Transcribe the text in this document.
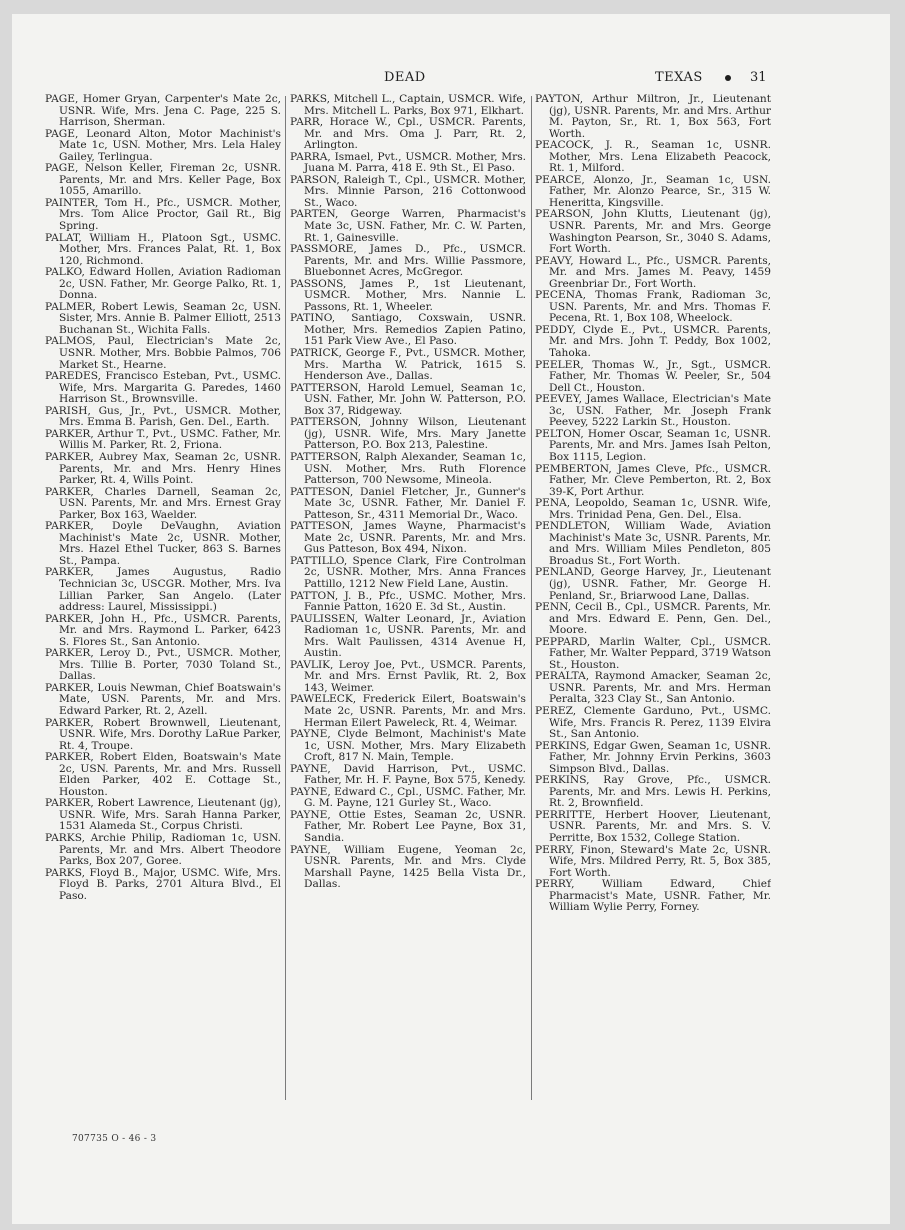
DEAD	TEXAS	31

PAGE, Homer Gryan, Carpenter's Mate 2c, USNR. Wife, Mrs. Jena C. Page, 225 S. Harrison, Sherman.

PAGE, Leonard Alton, Motor Machinist's Mate 1c, USN. Mother, Mrs. Lela Haley Gailey, Terlingua.

PAGE, Nelson Keller, Fireman 2c, USNR. Parents, Mr. and Mrs. Keller Page, Box 1055, Amarillo.

PAINTER, Tom H., Pfc., USMCR. Mother, Mrs. Tom Alice Proctor, Gail Rt., Big Spring.

PALAT, William H., Platoon Sgt., USMC. Mother, Mrs. Frances Palat, Rt. 1, Box 120, Richmond.

PALKO, Edward Hollen, Aviation Radioman 2c, USN. Father, Mr. George Palko, Rt. 1, Donna.

PALMER, Robert Lewis, Seaman 2c, USN. Sister, Mrs. Annie B. Palmer Elliott, 2513 Buchanan St., Wichita Falls.

PALMOS, Paul, Electrician's Mate 2c, USNR. Mother, Mrs. Bobbie Palmos, 706 Market St., Hearne.

PAREDES, Francisco Esteban, Pvt., USMC. Wife, Mrs. Margarita G. Paredes, 1460 Harrison St., Brownsville.

PARISH, Gus, Jr., Pvt., USMCR. Mother, Mrs. Emma B. Parish, Gen. Del., Earth.

PARKER, Arthur T., Pvt., USMC. Father, Mr. Willis M. Parker, Rt. 2, Friona.

PARKER, Aubrey Max, Seaman 2c, USNR. Parents, Mr. and Mrs. Henry Hines Parker, Rt. 4, Wills Point.

PARKER, Charles Darnell, Seaman 2c, USN. Parents, Mr. and Mrs. Ernest Gray Parker, Box 163, Waelder.

PARKER, Doyle DeVaughn, Aviation Machinist's Mate 2c, USNR. Mother, Mrs. Hazel Ethel Tucker, 863 S. Barnes St., Pampa.

PARKER, James Augustus, Radio Technician 3c, USCGR. Mother, Mrs. Iva Lillian Parker, San Angelo. (Later address: Laurel, Mississippi.)

PARKER, John H., Pfc., USMCR. Parents, Mr. and Mrs. Raymond L. Parker, 6423 S. Flores St., San Antonio.

PARKER, Leroy D., Pvt., USMCR. Mother, Mrs. Tillie B. Porter, 7030 Toland St., Dallas.

PARKER, Louis Newman, Chief Boatswain's Mate, USN. Parents, Mr. and Mrs. Edward Parker, Rt. 2, Azell.

PARKER, Robert Brownwell, Lieutenant, USNR. Wife, Mrs. Dorothy LaRue Parker, Rt. 4, Troupe.

PARKER, Robert Elden, Boatswain's Mate 2c, USN. Parents, Mr. and Mrs. Russell Elden Parker, 402 E. Cottage St., Houston.

PARKER, Robert Lawrence, Lieutenant (jg), USNR. Wife, Mrs. Sarah Hanna Parker, 1531 Alameda St., Corpus Christi.

PARKS, Archie Philip, Radioman 1c, USN. Parents, Mr. and Mrs. Albert Theodore Parks, Box 207, Goree.

PARKS, Floyd B., Major, USMC. Wife, Mrs. Floyd B. Parks, 2701 Altura Blvd., El Paso.

PARKS, Mitchell L., Captain, USMCR. Wife, Mrs. Mitchell L. Parks, Box 971, Elkhart.

PARR, Horace W., Cpl., USMCR. Parents, Mr. and Mrs. Oma J. Parr, Rt. 2, Arlington.

PARRA, Ismael, Pvt., USMCR. Mother, Mrs. Juana M. Parra, 418 E. 9th St., El Paso.

PARSON, Raleigh T., Cpl., USMCR. Mother, Mrs. Minnie Parson, 216 Cottonwood St., Waco.

PARTEN, George Warren, Pharmacist's Mate 3c, USN. Father, Mr. C. W. Parten, Rt. 1, Gainesville.

PASSMORE, James D., Pfc., USMCR. Parents, Mr. and Mrs. Willie Passmore, Bluebonnet Acres, McGregor.

PASSONS, James P., 1st Lieutenant, USMCR. Mother, Mrs. Nannie L. Passons, Rt. 1, Wheeler.

PATINO, Santiago, Coxswain, USNR. Mother, Mrs. Remedios Zapien Patino, 151 Park View Ave., El Paso.

PATRICK, George F., Pvt., USMCR. Mother, Mrs. Martha W. Patrick, 1615 S. Henderson Ave., Dallas.

PATTERSON, Harold Lemuel, Seaman 1c, USN. Father, Mr. John W. Patterson, P.O. Box 37, Ridgeway.

PATTERSON, Johnny Wilson, Lieutenant (jg), USNR. Wife, Mrs. Mary Janette Patterson, P.O. Box 213, Palestine.

PATTERSON, Ralph Alexander, Seaman 1c, USN. Mother, Mrs. Ruth Florence Patterson, 700 Newsome, Mineola.

PATTESON, Daniel Fletcher, Jr., Gunner's Mate 3c, USNR. Father, Mr. Daniel F. Patteson, Sr., 4311 Memorial Dr., Waco.

PATTESON, James Wayne, Pharmacist's Mate 2c, USNR. Parents, Mr. and Mrs. Gus Patteson, Box 494, Nixon.

PATTILLO, Spence Clark, Fire Controlman 2c, USNR. Mother, Mrs. Anna Frances Pattillo, 1212 New Field Lane, Austin.

PATTON, J. B., Pfc., USMC. Mother, Mrs. Fannie Patton, 1620 E. 3d St., Austin.

PAULISSEN, Walter Leonard, Jr., Aviation Radioman 1c, USNR. Parents, Mr. and Mrs. Walt Paulissen, 4314 Avenue H, Austin.

PAVLIK, Leroy Joe, Pvt., USMCR. Parents, Mr. and Mrs. Ernst Pavlik, Rt. 2, Box 143, Weimer.

PAWELECK, Frederick Eilert, Boatswain's Mate 2c, USNR. Parents, Mr. and Mrs. Herman Eilert Paweleck, Rt. 4, Weimar.

PAYNE, Clyde Belmont, Machinist's Mate 1c, USN. Mother, Mrs. Mary Elizabeth Croft, 817 N. Main, Temple.

PAYNE, David Harrison, Pvt., USMC. Father, Mr. H. F. Payne, Box 575, Kenedy.

PAYNE, Edward C., Cpl., USMC. Father, Mr. G. M. Payne, 121 Gurley St., Waco.

PAYNE, Ottie Estes, Seaman 2c, USNR. Father, Mr. Robert Lee Payne, Box 31, Sandia.

PAYNE, William Eugene, Yeoman 2c, USNR. Parents, Mr. and Mrs. Clyde Marshall Payne, 1425 Bella Vista Dr., Dallas.

PAYTON, Arthur Miltron, Jr., Lieutenant (jg), USNR. Parents, Mr. and Mrs. Arthur M. Payton, Sr., Rt. 1, Box 563, Fort Worth.

PEACOCK, J. R., Seaman 1c, USNR. Mother, Mrs. Lena Elizabeth Peacock, Rt. 1, Milford.

PEARCE, Alonzo, Jr., Seaman 1c, USN. Father, Mr. Alonzo Pearce, Sr., 315 W. Heneritta, Kingsville.

PEARSON, John Klutts, Lieutenant (jg), USNR. Parents, Mr. and Mrs. George Washington Pearson, Sr., 3040 S. Adams, Fort Worth.

PEAVY, Howard L., Pfc., USMCR. Parents, Mr. and Mrs. James M. Peavy, 1459 Greenbriar Dr., Fort Worth.

PECENA, Thomas Frank, Radioman 3c, USN. Parents, Mr. and Mrs. Thomas F. Pecena, Rt. 1, Box 108, Wheelock.

PEDDY, Clyde E., Pvt., USMCR. Parents, Mr. and Mrs. John T. Peddy, Box 1002, Tahoka.

PEELER, Thomas W., Jr., Sgt., USMCR. Father, Mr. Thomas W. Peeler, Sr., 504 Dell Ct., Houston.

PEEVEY, James Wallace, Electrician's Mate 3c, USN. Father, Mr. Joseph Frank Peevey, 5222 Larkin St., Houston.

PELTON, Homer Oscar, Seaman 1c, USNR. Parents, Mr. and Mrs. James Isah Pelton, Box 1115, Legion.

PEMBERTON, James Cleve, Pfc., USMCR. Father, Mr. Cleve Pemberton, Rt. 2, Box 39-K, Port Arthur.

PENA, Leopoldo, Seaman 1c, USNR. Wife, Mrs. Trinidad Pena, Gen. Del., Elsa.

PENDLETON, William Wade, Aviation Machinist's Mate 3c, USNR. Parents, Mr. and Mrs. William Miles Pendleton, 805 Broadus St., Fort Worth.

PENLAND, George Harvey, Jr., Lieutenant (jg), USNR. Father, Mr. George H. Penland, Sr., Briarwood Lane, Dallas.

PENN, Cecil B., Cpl., USMCR. Parents, Mr. and Mrs. Edward E. Penn, Gen. Del., Moore.

PEPPARD, Marlin Walter, Cpl., USMCR. Father, Mr. Walter Peppard, 3719 Watson St., Houston.

PERALTA, Raymond Amacker, Seaman 2c, USNR. Parents, Mr. and Mrs. Herman Peralta, 323 Clay St., San Antonio.

PEREZ, Clemente Garduno, Pvt., USMC. Wife, Mrs. Francis R. Perez, 1139 Elvira St., San Antonio.

PERKINS, Edgar Gwen, Seaman 1c, USNR. Father, Mr. Johnny Ervin Perkins, 3603 Simpson Blvd., Dallas.

PERKINS, Ray Grove, Pfc., USMCR. Parents, Mr. and Mrs. Lewis H. Perkins, Rt. 2, Brownfield.

PERRITTE, Herbert Hoover, Lieutenant, USNR. Parents, Mr. and Mrs. S. V. Perritte, Box 1532, College Station.

PERRY, Finon, Steward's Mate 2c, USNR. Wife, Mrs. Mildred Perry, Rt. 5, Box 385, Fort Worth.

PERRY, William Edward, Chief Pharmacist's Mate, USNR. Father, Mr. William Wylie Perry, Forney.

707735 O - 46 - 3
